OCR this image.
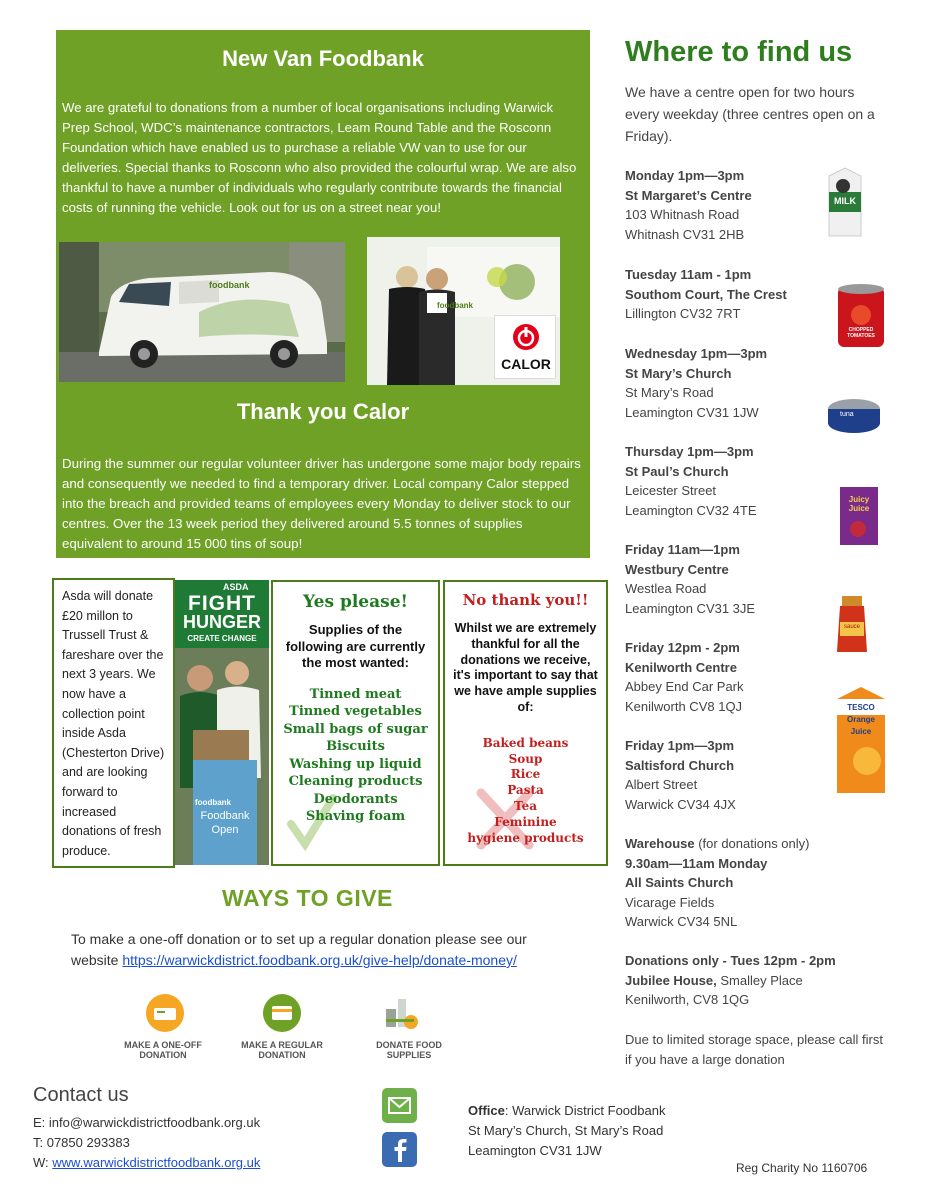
New Van Foodbank
We are grateful to donations from a number of local organisations including Warwick Prep School, WDC’s maintenance contractors, Leam Round Table and the Rosconn Foundation which have enabled us to purchase a reliable VW van to use for our deliveries. Special thanks to Rosconn who also provided the colourful wrap. We are also thankful to have a number of individuals who regularly contribute towards the financial costs of running the vehicle. Look out for us on a street near you!
foodbank
foodbank
CALOR
Thank you Calor
During the summer our regular volunteer driver has undergone some major body repairs and consequently we needed to find a temporary driver. Local company Calor stepped into the breach and provided teams of employees every Monday to deliver stock to our centres. Over the 13 week period they delivered around 5.5 tonnes of supplies equivalent to around 15 000 tins of soup!
Asda will donate £20 millon to Trussell Trust & fareshare over the next 3 years. We now have a collection point inside Asda (Chesterton Drive) and are looking forward to increased donations of fresh produce.
ASDA
FIGHT
HUNGER
CREATE CHANGE
foodbank
Foodbank
Open
Yes please!
Supplies of the following are currently the most wanted:
Tinned meat
Tinned vegetables
Small bags of sugar
Biscuits
Washing up liquid
Cleaning products
Deodorants
Shaving foam
No thank you!!
Whilst we are extremely thankful for all the donations we receive, it's important to say that we have ample supplies of:
Baked beans
Soup
Rice
Pasta
Tea
Feminine hygiene products
WAYS TO GIVE
To make a one-off donation or to set up a regular donation please see our website https://warwickdistrict.foodbank.org.uk/give-help/donate-money/
MAKE A ONE-OFF DONATION
MAKE A REGULAR DONATION
DONATE FOOD SUPPLIES
Where to find us
We have a centre open for two hours every weekday (three centres open on a Friday).
Monday 1pm—3pm
St Margaret’s Centre
103 Whitnash Road
Whitnash CV31 2HB
Tuesday 11am - 1pm
Southom Court, The Crest
Lillington CV32 7RT
Wednesday 1pm—3pm
St Mary’s Church
St Mary’s Road
Leamington CV31 1JW
Thursday 1pm—3pm
St Paul’s Church
Leicester Street
Leamington CV32 4TE
Friday 11am—1pm
Westbury Centre
Westlea Road
Leamington CV31 3JE
Friday 12pm - 2pm
Kenilworth Centre
Abbey End Car Park
Kenilworth CV8 1QJ
Friday 1pm—3pm
Saltisford Church
Albert Street
Warwick CV34 4JX
Warehouse (for donations only)
9.30am—11am Monday
All Saints Church
Vicarage Fields
Warwick CV34 5NL
Donations only - Tues 12pm - 2pm
Jubilee House, Smalley Place
Kenilworth, CV8 1QG
Due to limited storage space, please call first if you have a large donation
MILK
CHOPPED TOMATOES
tuna
Juicy Juice
sauce
TESCO Orange Juice
Contact us
E: info@warwickdistrictfoodbank.org.uk
T: 07850 293383
W: www.warwickdistrictfoodbank.org.uk
Office: Warwick District Foodbank
St Mary’s Church, St Mary’s Road
Leamington CV31 1JW
Reg Charity No 1160706
